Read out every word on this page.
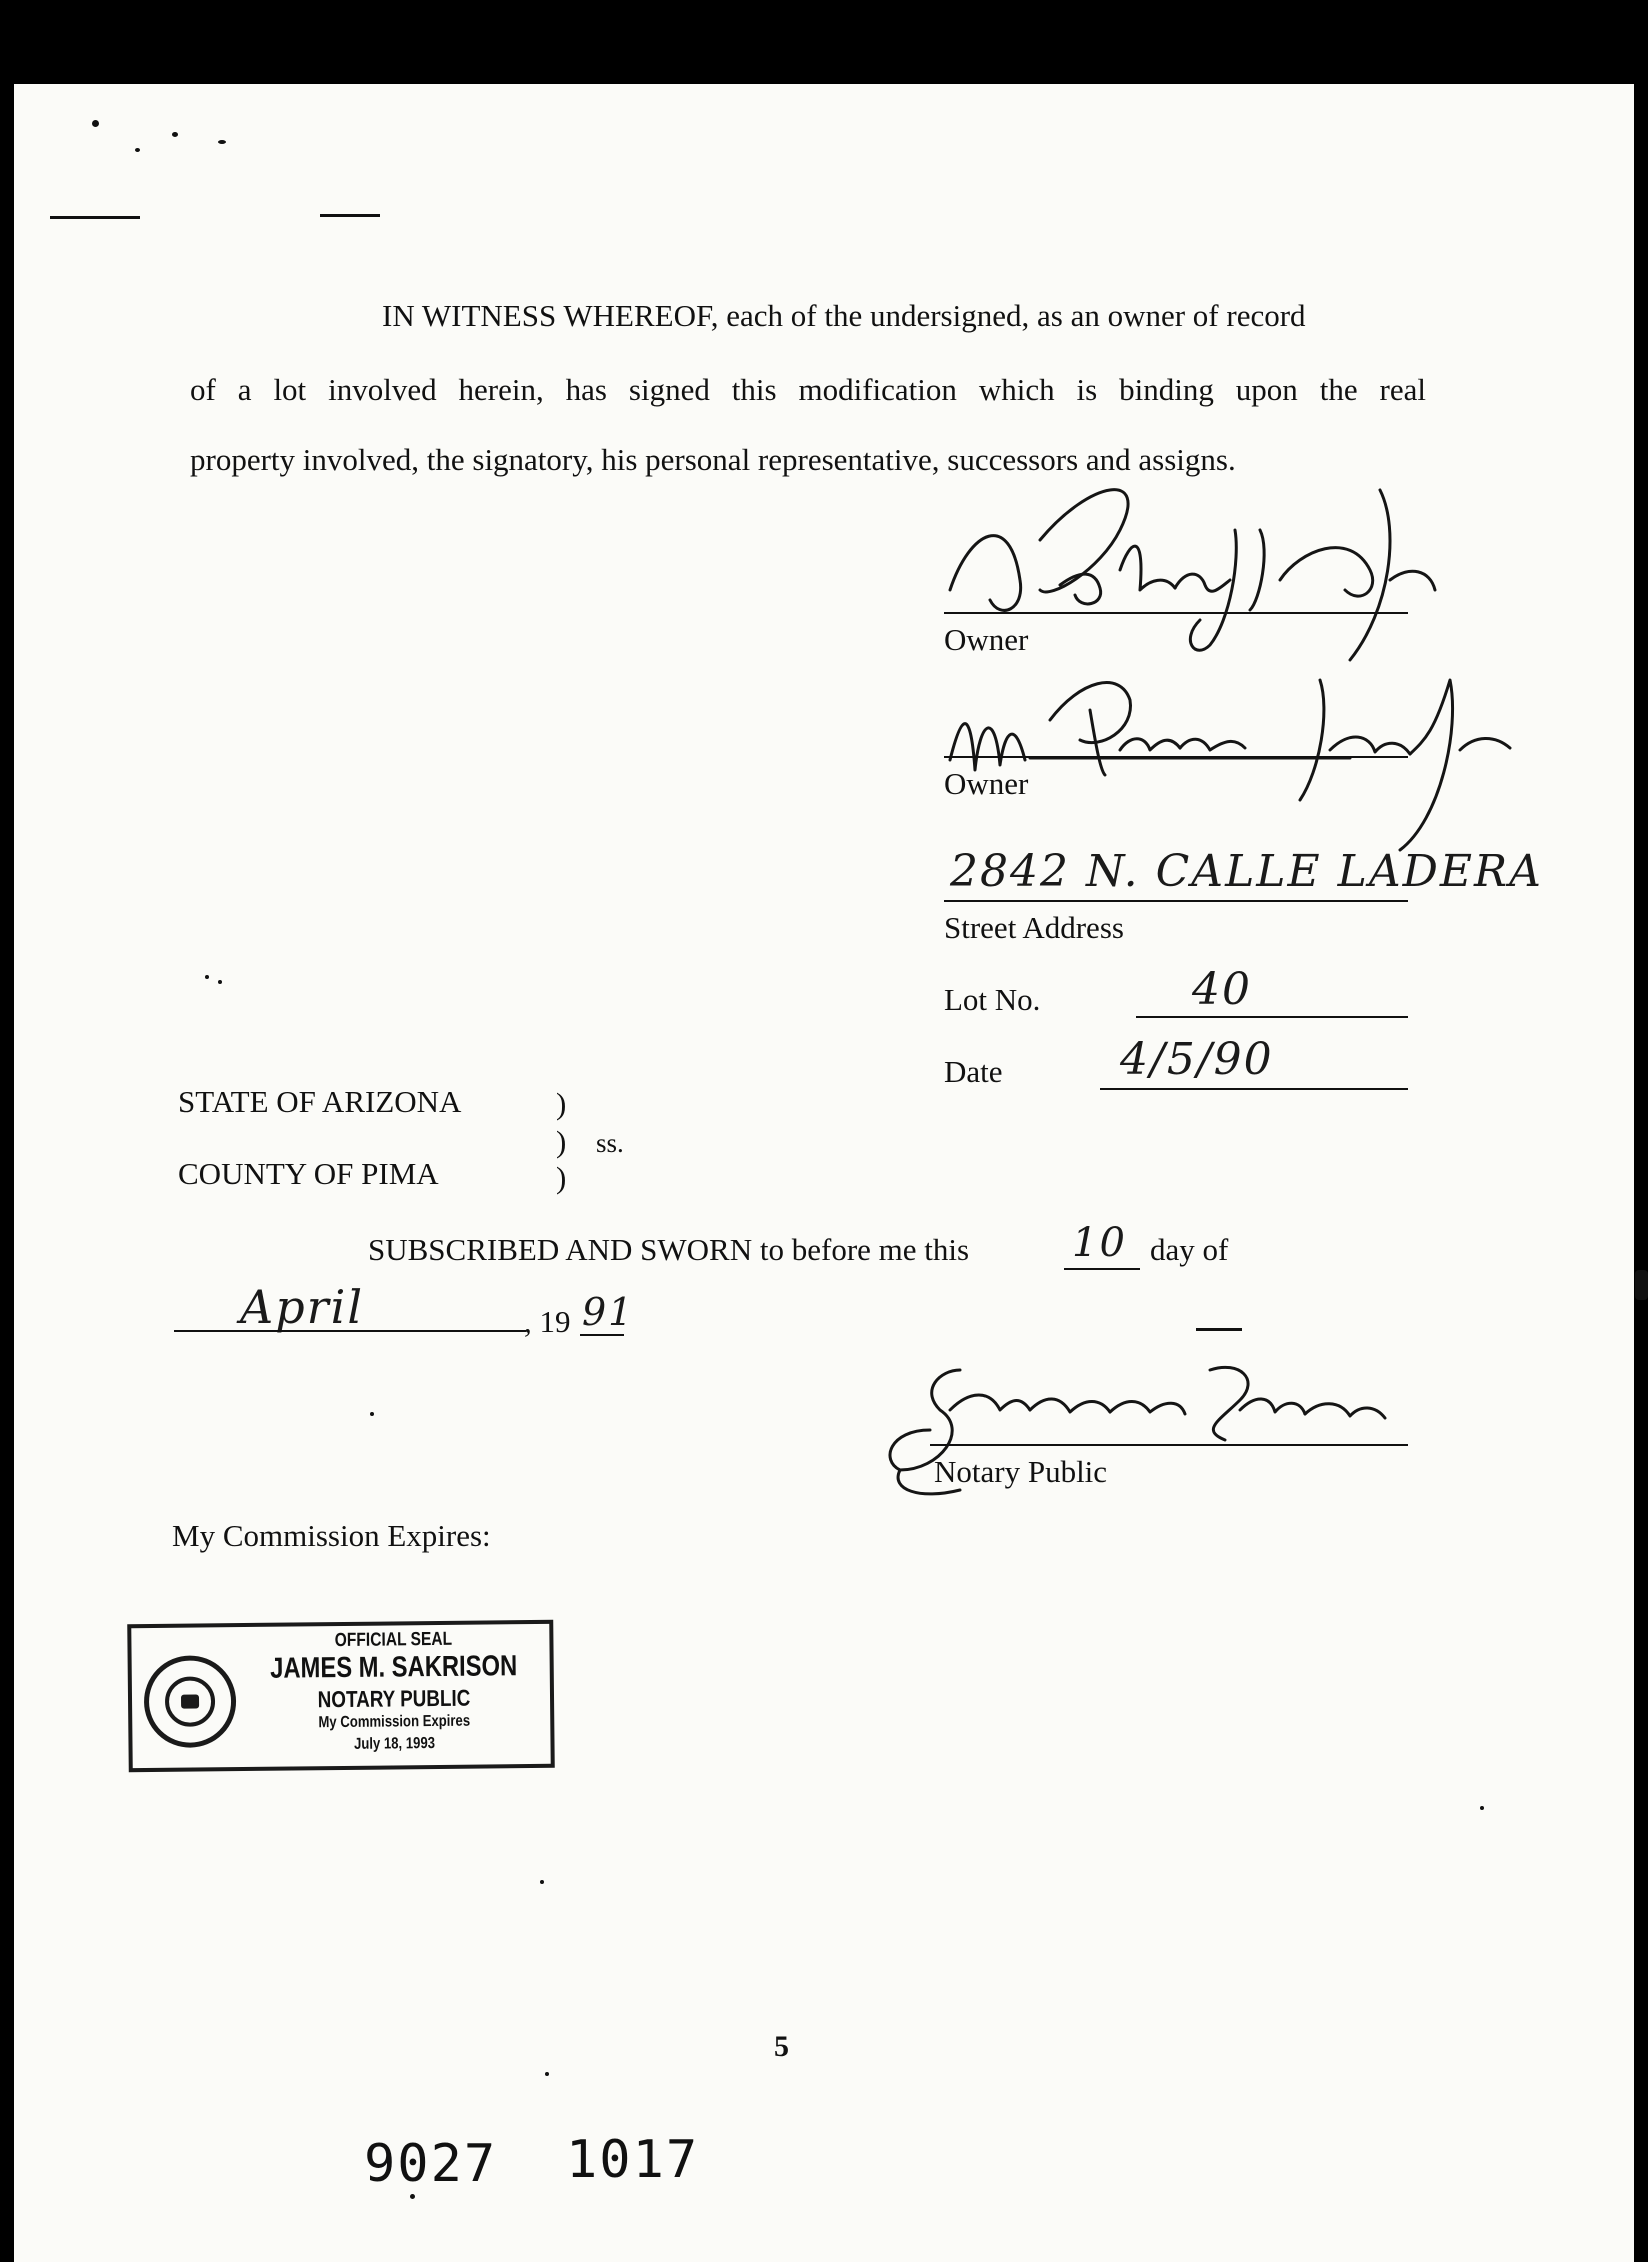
IN WITNESS WHEREOF, each of the undersigned, as an owner of record
of a lot involved herein, has signed this modification which is binding upon the real
property involved, the signatory, his personal representative, successors and assigns.
Owner
Owner
2842 N. CALLE LADERA
Street Address
Lot No.	40
Date	4/5/90
STATE OF ARIZONA	)
)
)
ss.
COUNTY OF PIMA
SUBSCRIBED AND SWORN to before me this	10 day of
April	, 19 91
Notary Public
My Commission Expires:
OFFICIAL SEAL
JAMES M. SAKRISON
NOTARY PUBLIC
My Commission Expires
July 18, 1993
5
9027 1017
